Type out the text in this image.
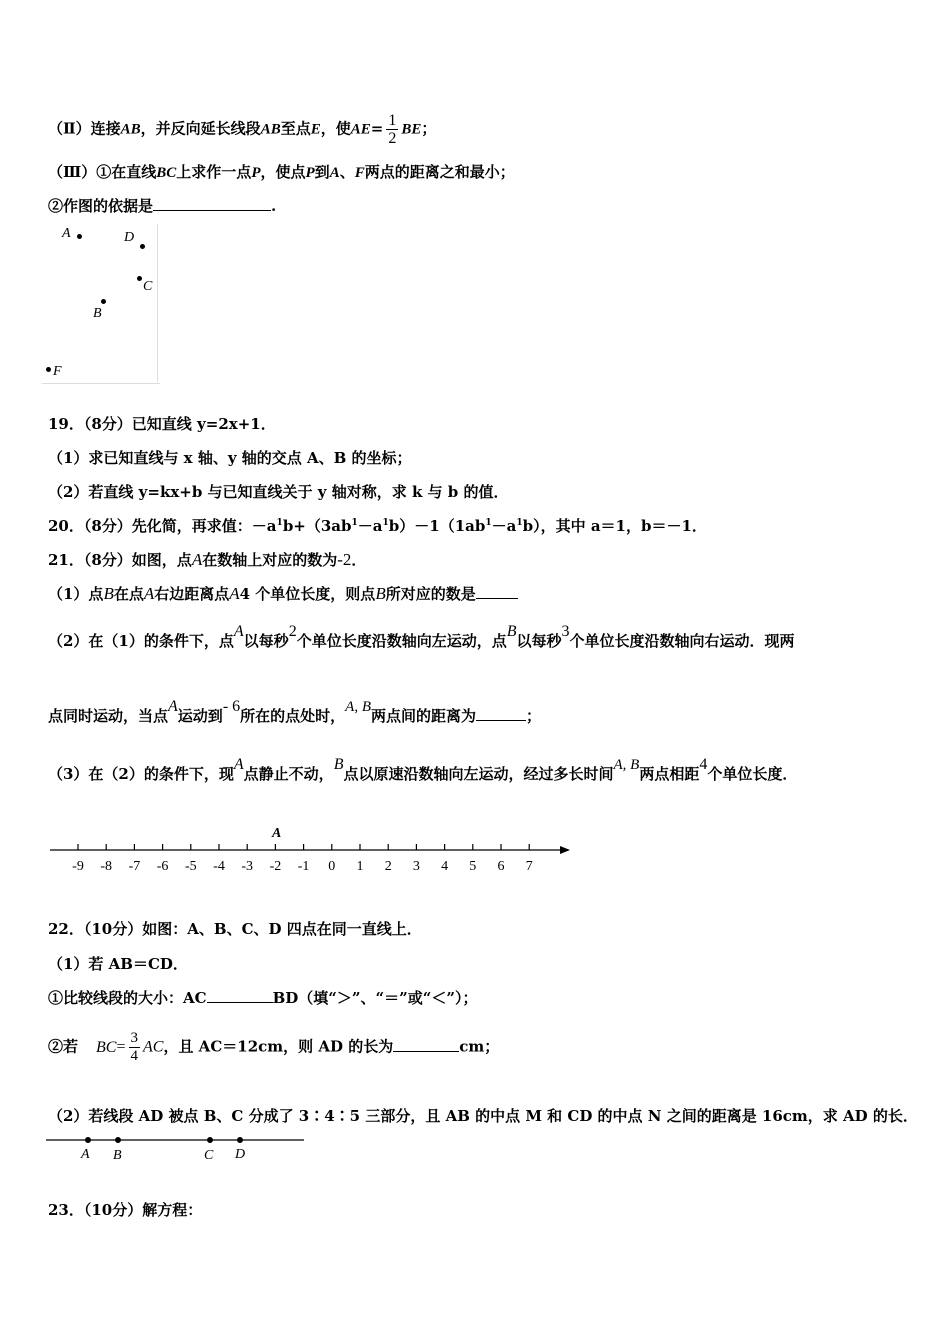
（Ⅱ）连接AB，并反向延长线段AB至点E，使$AE= \frac{1}{2}$ BE；
（Ⅲ）①在直线BC上求作一点P，使点P到A、F两点的距离之和最小；
②作图的依据是	.
A	D
C
B
F
19．（8分）已知直线 y=2x+1．
（1）求已知直线与 x 轴、y 轴的交点 A、B 的坐标；
（2）若直线 y=kx+b 与已知直线关于 y 轴对称，求 k 与 b 的值．
20．（8分）先化简，再求值：$-a^1b+(3ab^1-a^1b)-1(1ab^1-a^1b)$，其中 a＝1，b＝－1．
21．（8分）如图，点A在数轴上对应的数为-2．
（1）点B在点A右边距离点A4 个单位长度，则点B所对应的数是
（2）在（1）的条件下，点A以每秒2个单位长度沿数轴向左运动，点B以每秒3个单位长度沿数轴向右运动．现两
点同时运动，当点A运动到- 6所在的点处时，A, B两点间的距离为	；
（3）在（2）的条件下，现A点静止不动，B点以原速沿数轴向左运动，经过多长时间A, B两点相距4个单位长度．
-9 -8 -7 -6 -5 -4 -3 -2 -1 0 1 2 3 4 5 6 7
A
22．（10分）如图：A、B、C、D 四点在同一直线上．
（1）若 AB＝CD．
①比较线段的大小：AC	BD（填“＞”、“＝”或“＜”）；
②若 $BC= \frac{3}{4}$ AC，且 AC＝12cm，则 AD 的长为	cm；
（2）若线段 AD 被点 B、C 分成了 3∶4∶5 三部分，且 AB 的中点 M 和 CD 的中点 N 之间的距离是 16cm，求 AD 的长．
A B	C D
23．（10分）解方程：
